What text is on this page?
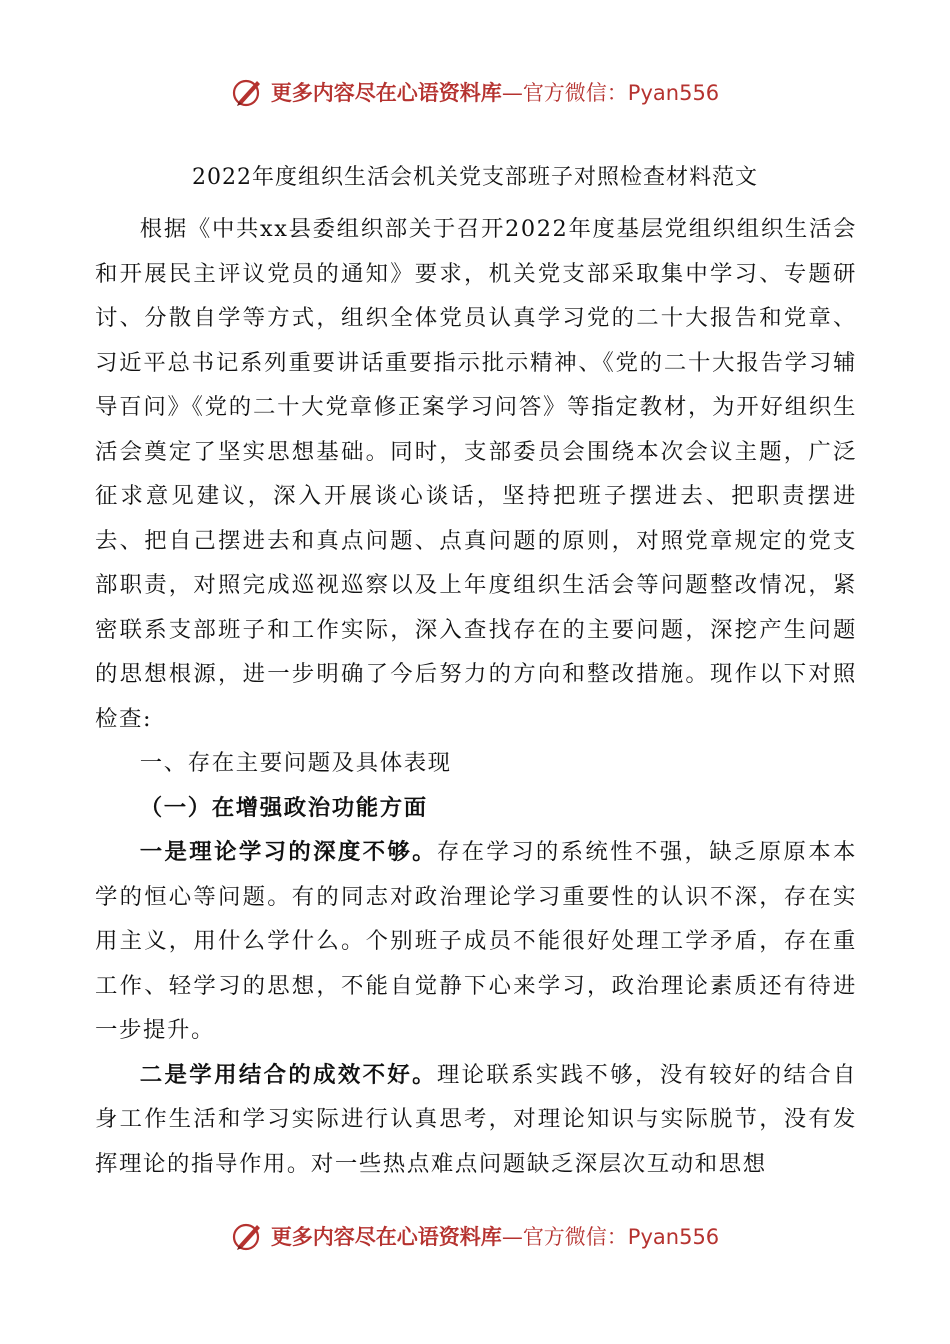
更多内容尽在心语资料库 —官方微信：Pyan556
2022年度组织生活会机关党支部班子对照检查材料范文

根据《中共xx县委组织部关于召开2022年度基层党组织组织生活会和开展民主评议党员的通知》要求，机关党支部采取集中学习、专题研讨、分散自学等方式，组织全体党员认真学习党的二十大报告和党章、习近平总书记系列重要讲话重要指示批示精神、《党的二十大报告学习辅导百问》《党的二十大党章修正案学习问答》等指定教材，为开好组织生活会奠定了坚实思想基础。同时，支部委员会围绕本次会议主题，广泛征求意见建议，深入开展谈心谈话，坚持把班子摆进去、把职责摆进去、把自己摆进去和真点问题、点真问题的原则，对照党章规定的党支部职责，对照完成巡视巡察以及上年度组织生活会等问题整改情况，紧密联系支部班子和工作实际，深入查找存在的主要问题，深挖产生问题的思想根源，进一步明确了今后努力的方向和整改措施。现作以下对照检查:

一、存在主要问题及具体表现

（一）在增强政治功能方面

一是理论学习的深度不够。存在学习的系统性不强，缺乏原原本本学的恒心等问题。有的同志对政治理论学习重要性的认识不深，存在实用主义，用什么学什么。个别班子成员不能很好处理工学矛盾，存在重工作、轻学习的思想，不能自觉静下心来学习，政治理论素质还有待进一步提升。

二是学用结合的成效不好。理论联系实践不够，没有较好的结合自身工作生活和学习实际进行认真思考，对理论知识与实际脱节，没有发挥理论的指导作用。对一些热点难点问题缺乏深层次互动和思想

更多内容尽在心语资料库 —官方微信：Pyan556
